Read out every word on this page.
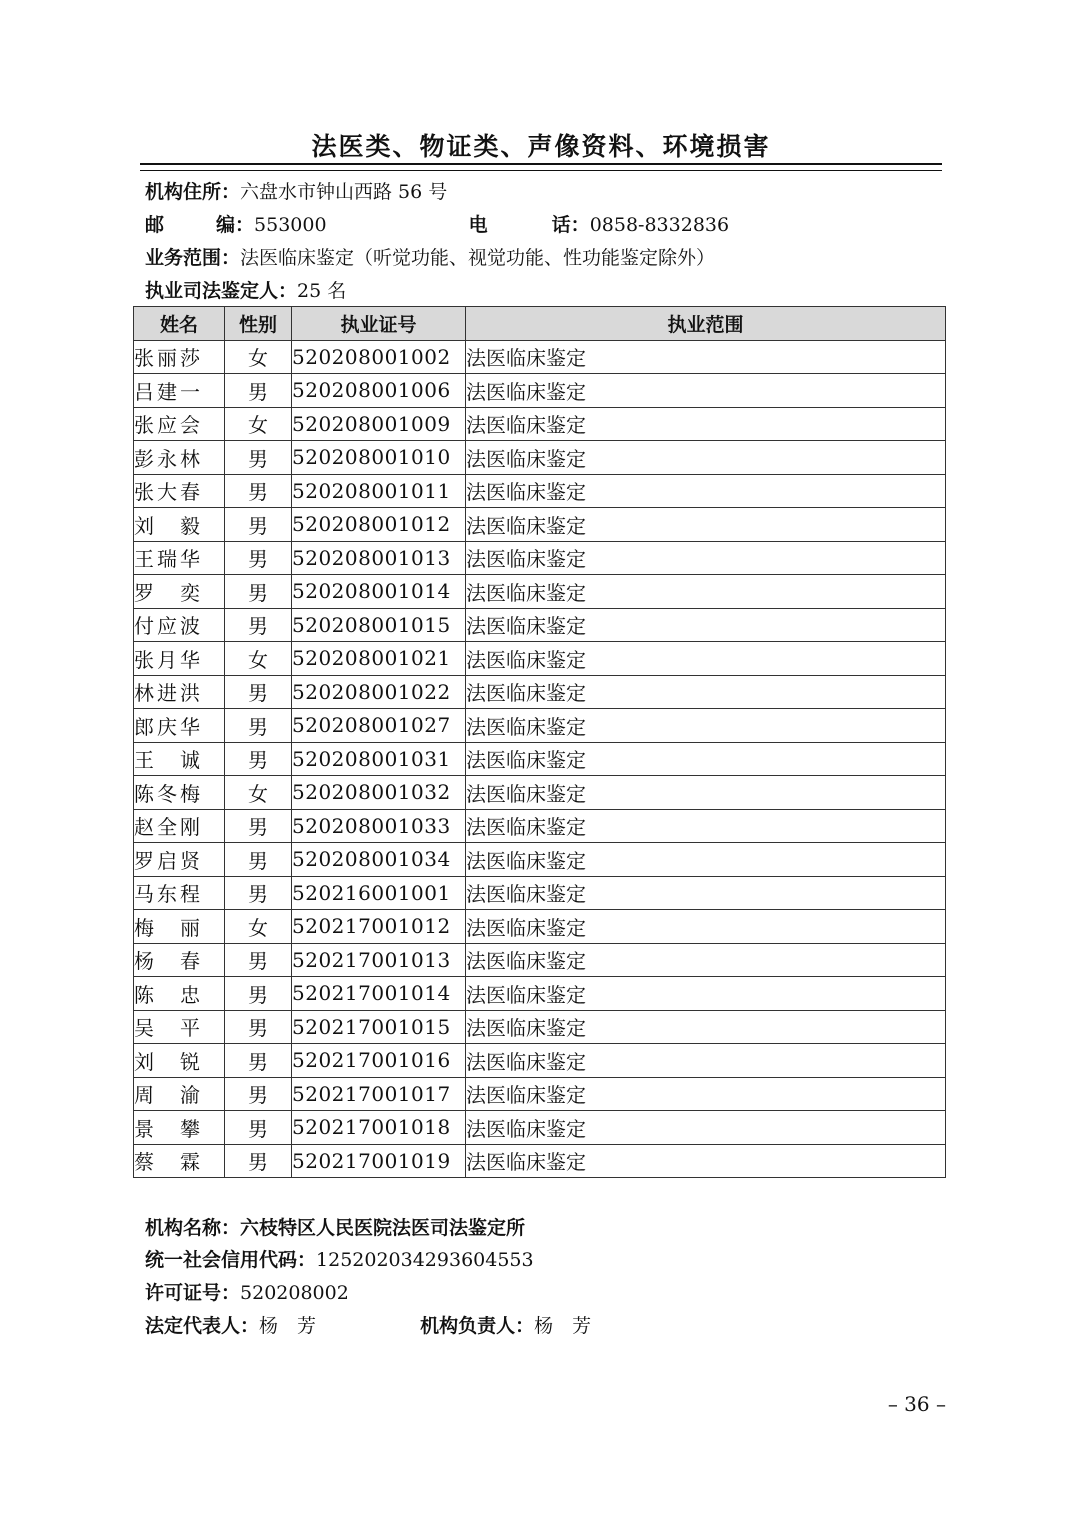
法医类、物证类、声像资料、环境损害
机构住所：六盘水市钟山西路 56 号
邮	编：553000	电	话：0858-8332836
业务范围：法医临床鉴定（听觉功能、视觉功能、性功能鉴定除外）
执业司法鉴定人：25 名
姓名	性别	执业证号	执业范围
张丽莎	女	520208001002	法医临床鉴定
吕建一	男	520208001006	法医临床鉴定
张应会	女	520208001009	法医临床鉴定
彭永林	男	520208001010	法医临床鉴定
张大春	男	520208001011	法医临床鉴定
刘　毅	男	520208001012	法医临床鉴定
王瑞华	男	520208001013	法医临床鉴定
罗　奕	男	520208001014	法医临床鉴定
付应波	男	520208001015	法医临床鉴定
张月华	女	520208001021	法医临床鉴定
林进洪	男	520208001022	法医临床鉴定
郎庆华	男	520208001027	法医临床鉴定
王　诚	男	520208001031	法医临床鉴定
陈冬梅	女	520208001032	法医临床鉴定
赵全刚	男	520208001033	法医临床鉴定
罗启贤	男	520208001034	法医临床鉴定
马东程	男	520216001001	法医临床鉴定
梅　丽	女	520217001012	法医临床鉴定
杨　春	男	520217001013	法医临床鉴定
陈　忠	男	520217001014	法医临床鉴定
吴　平	男	520217001015	法医临床鉴定
刘　锐	男	520217001016	法医临床鉴定
周　渝	男	520217001017	法医临床鉴定
景　攀	男	520217001018	法医临床鉴定
蔡　霖	男	520217001019	法医临床鉴定
机构名称：六枝特区人民医院法医司法鉴定所
统一社会信用代码：125202034293604553
许可证号：520208002
法定代表人：杨　芳	机构负责人：杨　芳
– 36 –
